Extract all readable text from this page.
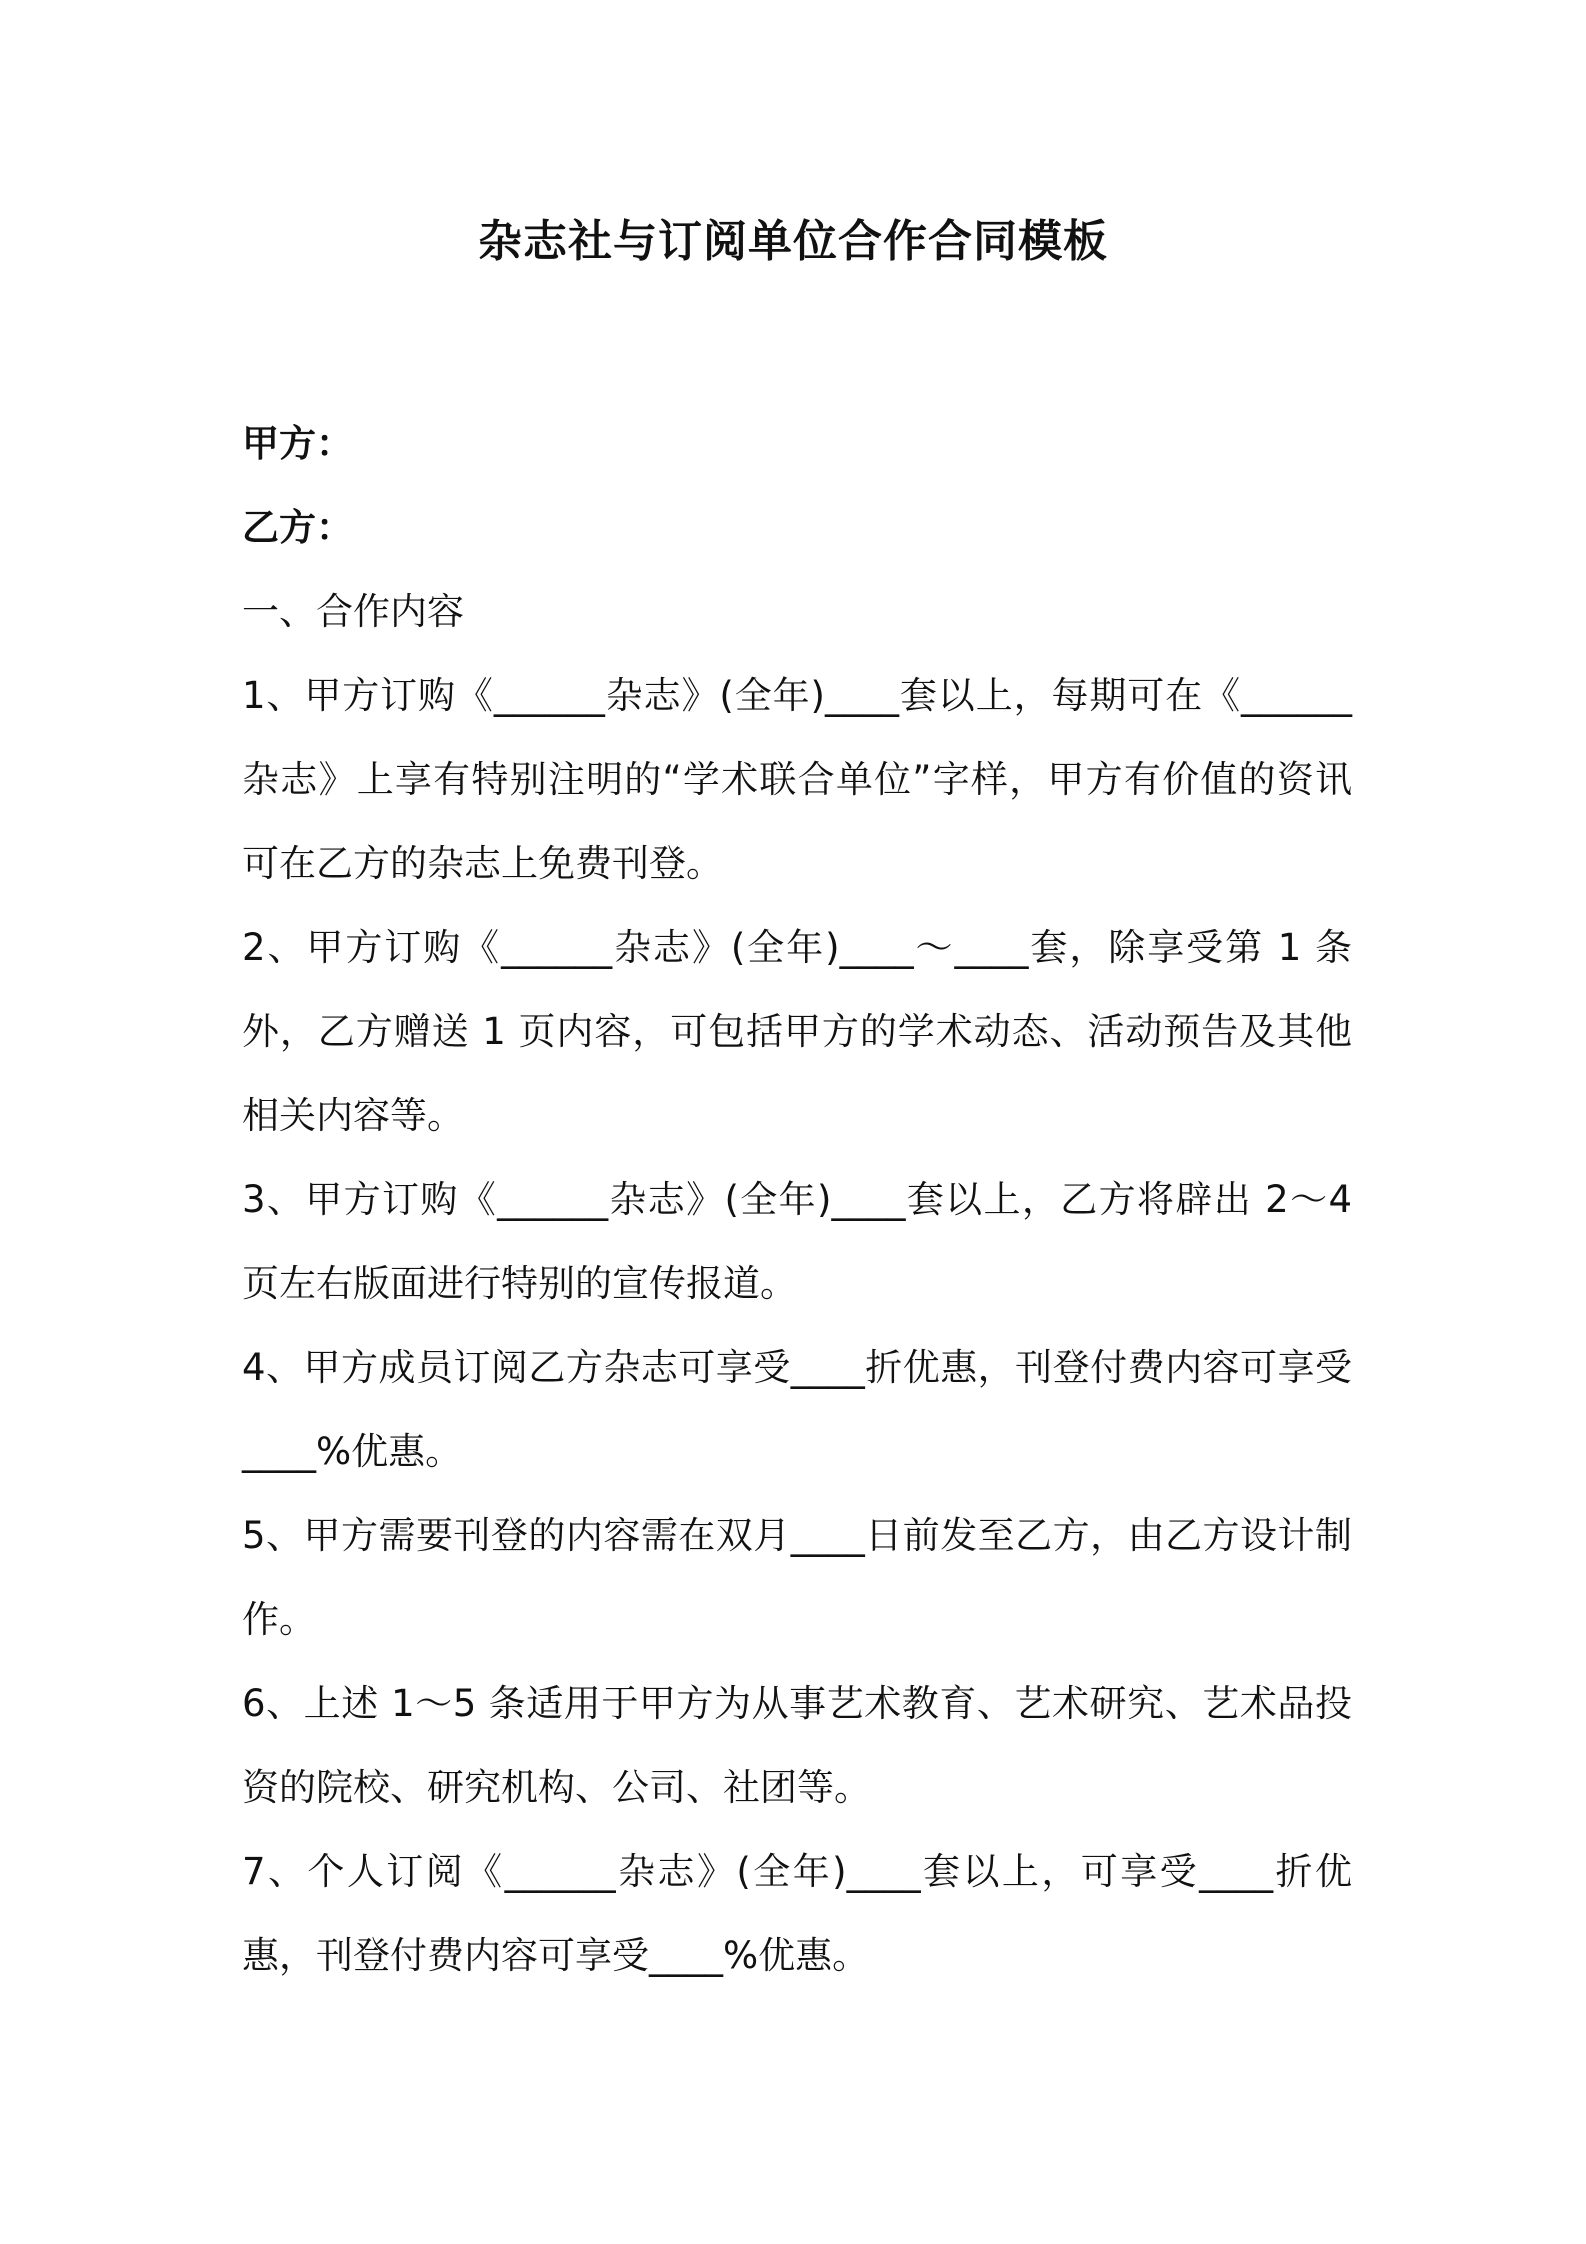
杂志社与订阅单位合作合同模板

甲方：

乙方：

一、合作内容

1、甲方订购《______杂志》(全年)____套以上，每期可在《______杂志》上享有特别注明的“学术联合单位”字样，甲方有价值的资讯可在乙方的杂志上免费刊登。

2、甲方订购《______杂志》(全年)____～____套，除享受第 1 条外，乙方赠送 1 页内容，可包括甲方的学术动态、活动预告及其他相关内容等。

3、甲方订购《______杂志》(全年)____套以上，乙方将辟出 2～4 页左右版面进行特别的宣传报道。

4、甲方成员订阅乙方杂志可享受____折优惠，刊登付费内容可享受____%优惠。

5、甲方需要刊登的内容需在双月____日前发至乙方，由乙方设计制作。

6、上述 1～5 条适用于甲方为从事艺术教育、艺术研究、艺术品投资的院校、研究机构、公司、社团等。

7、个人订阅《______杂志》(全年)____套以上，可享受____折优惠，刊登付费内容可享受____%优惠。
